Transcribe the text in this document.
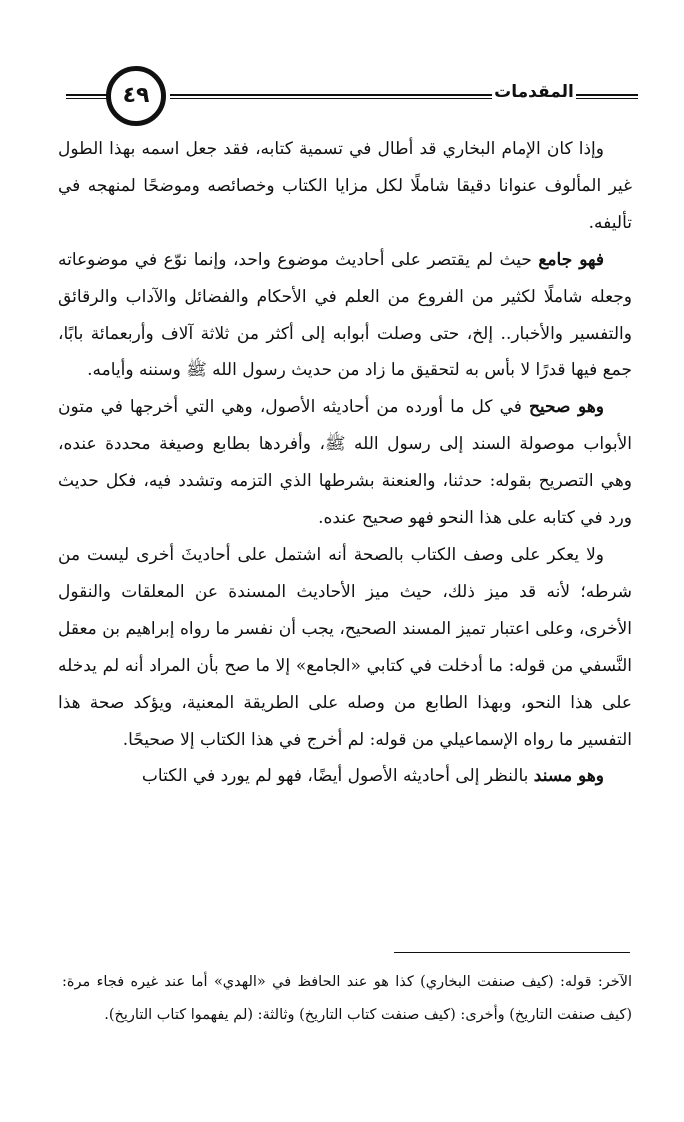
٤٩	المقدمات

وإذا كان الإمام البخاري قد أطال في تسمية كتابه، فقد جعل اسمه بهذا الطول غير المألوف عنوانا دقيقا شاملًا لكل مزايا الكتاب وخصائصه وموضحًا لمنهجه في تأليفه.

فهو جامع حيث لم يقتصر على أحاديث موضوع واحد، وإنما نوّع في موضوعاته وجعله شاملًا لكثير من الفروع من العلم في الأحكام والفضائل والآداب والرقائق والتفسير والأخبار.. إلخ، حتى وصلت أبوابه إلى أكثر من ثلاثة آلاف وأربعمائة بابًا، جمع فيها قدرًا لا بأس به لتحقيق ما زاد من حديث رسول الله ﷺ وسننه وأيامه.

وهو صحيح في كل ما أورده من أحاديثه الأصول، وهي التي أخرجها في متون الأبواب موصولة السند إلى رسول الله ﷺ، وأفردها بطابع وصيغة محددة عنده، وهي التصريح بقوله: حدثنا، والعنعنة بشرطها الذي التزمه وتشدد فيه، فكل حديث ورد في كتابه على هذا النحو فهو صحيح عنده.

ولا يعكر على وصف الكتاب بالصحة أنه اشتمل على أحاديثَ أخرى ليست من شرطه؛ لأنه قد ميز ذلك، حيث ميز الأحاديث المسندة عن المعلقات والنقول الأخرى، وعلى اعتبار تميز المسند الصحيح، يجب أن نفسر ما رواه إبراهيم بن معقل النَّسفي من قوله: ما أدخلت في كتابي «الجامع» إلا ما صح بأن المراد أنه لم يدخله على هذا النحو، وبهذا الطابع من وصله على الطريقة المعنية، ويؤكد صحة هذا التفسير ما رواه الإسماعيلي من قوله: لم أخرج في هذا الكتاب إلا صحيحًا.

وهو مسند بالنظر إلى أحاديثه الأصول أيضًا، فهو لم يورد في الكتاب

الآخر: قوله: (كيف صنفت البخاري) كذا هو عند الحافظ في «الهدي» أما عند غيره فجاء مرة: (كيف صنفت التاريخ) وأخرى: (كيف صنفت كتاب التاريخ) وثالثة: (لم يفهموا كتاب التاريخ).
